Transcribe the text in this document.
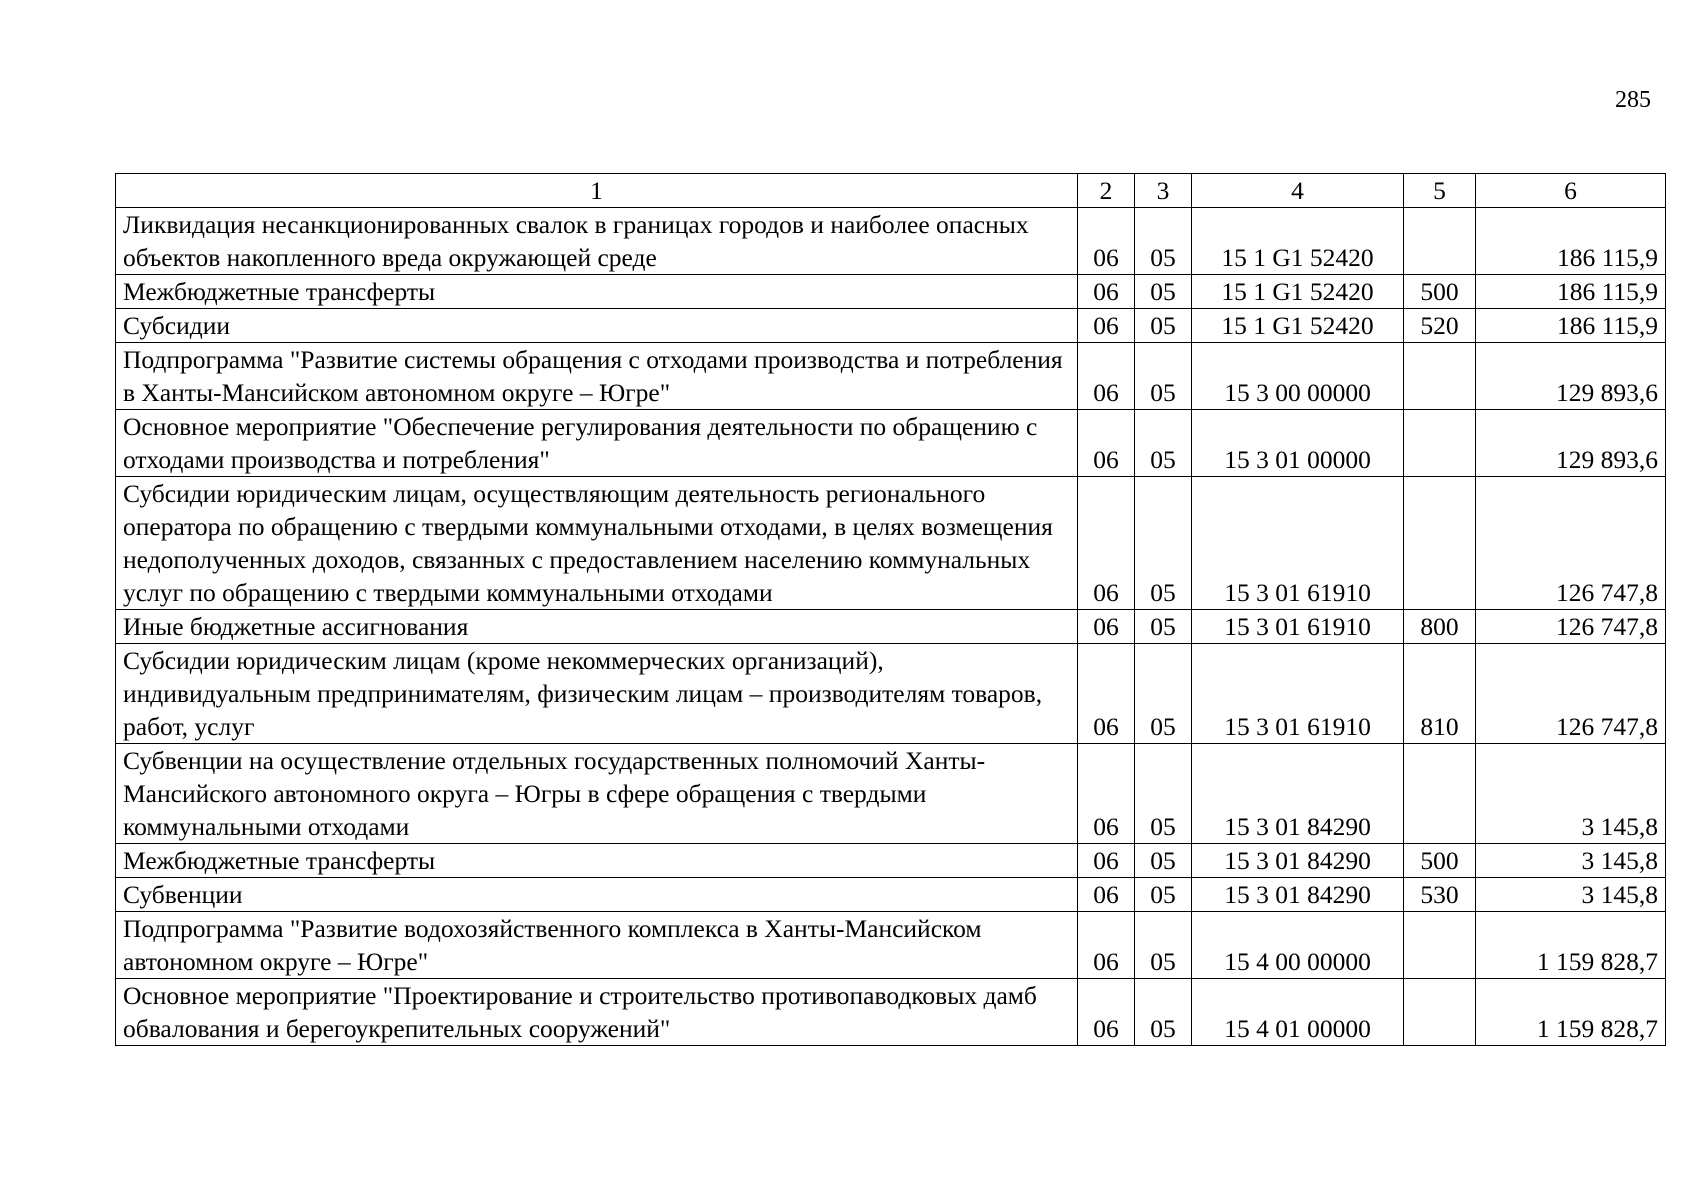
285
1	2	3	4	5	6
Ликвидация несанкционированных свалок в границах городов и наиболее опасных объектов накопленного вреда окружающей среде	06	05	15 1 G1 52420		186 115,9
Межбюджетные трансферты	06	05	15 1 G1 52420	500	186 115,9
Субсидии	06	05	15 1 G1 52420	520	186 115,9
Подпрограмма "Развитие системы обращения с отходами производства и потребления в Ханты-Мансийском автономном округе – Югре"	06	05	15 3 00 00000		129 893,6
Основное мероприятие "Обеспечение регулирования деятельности по обращению с отходами производства и потребления"	06	05	15 3 01 00000		129 893,6
Субсидии юридическим лицам, осуществляющим деятельность регионального оператора по обращению с твердыми коммунальными отходами, в целях возмещения недополученных доходов, связанных с предоставлением населению коммунальных услуг по обращению с твердыми коммунальными отходами	06	05	15 3 01 61910		126 747,8
Иные бюджетные ассигнования	06	05	15 3 01 61910	800	126 747,8
Субсидии юридическим лицам (кроме некоммерческих организаций), индивидуальным предпринимателям, физическим лицам – производителям товаров, работ, услуг	06	05	15 3 01 61910	810	126 747,8
Субвенции на осуществление отдельных государственных полномочий Ханты-Мансийского автономного округа – Югры в сфере обращения с твердыми коммунальными отходами	06	05	15 3 01 84290		3 145,8
Межбюджетные трансферты	06	05	15 3 01 84290	500	3 145,8
Субвенции	06	05	15 3 01 84290	530	3 145,8
Подпрограмма "Развитие водохозяйственного комплекса в Ханты-Мансийском автономном округе – Югре"	06	05	15 4 00 00000		1 159 828,7
Основное мероприятие "Проектирование и строительство противопаводковых дамб обвалования и берегоукрепительных сооружений"	06	05	15 4 01 00000		1 159 828,7
